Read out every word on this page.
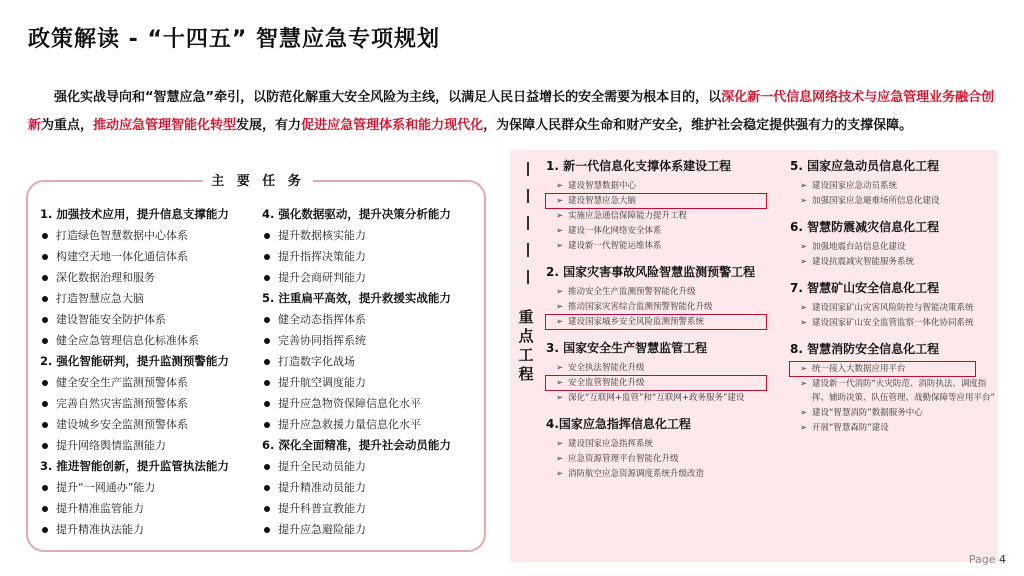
政策解读 - “十四五” 智慧应急专项规划
强化实战导向和“智慧应急”牵引，以防范化解重大安全风险为主线，以满足人民日益增长的安全需要为根本目的，以深化新一代信息网络技术与应急管理业务融合创新为重点，推动应急管理智能化转型发展，有力促进应急管理体系和能力现代化，为保障人民群众生命和财产安全，维护社会稳定提供强有力的支撑保障。
主 要 任 务
1. 加强技术应用，提升信息支撑能力
打造绿色智慧数据中心体系
构建空天地一体化通信体系
深化数据治理和服务
打造智慧应急大脑
建设智能安全防护体系
健全应急管理信息化标准体系
2. 强化智能研判，提升监测预警能力
健全安全生产监测预警体系
完善自然灾害监测预警体系
建设城乡安全监测预警体系
提升网络舆情监测能力
3. 推进智能创新，提升监管执法能力
提升“一网通办”能力
提升精准监管能力
提升精准执法能力
4. 强化数据驱动，提升决策分析能力
提升数据核实能力
提升指挥决策能力
提升会商研判能力
5. 注重扁平高效，提升救援实战能力
健全动态指挥体系
完善协同指挥系统
打造数字化战场
提升航空调度能力
提升应急物资保障信息化水平
提升应急救援力量信息化水平
6. 深化全面精准，提升社会动员能力
提升全民动员能力
提升精准动员能力
提升科普宣教能力
提升应急避险能力
重点工程
1. 新一代信息化支撑体系建设工程
➢ 建设智慧数据中心
➢ 建设智慧应急大脑
➢ 实施应急通信保障能力提升工程
➢ 建设一体化网络安全体系
➢ 建设新一代智能运维体系
2. 国家灾害事故风险智慧监测预警工程
➢ 推动安全生产监测预警智能化升级
➢ 推动国家灾害综合监测预警智能化升级
➢ 建设国家城乡安全风险监测预警系统
3. 国家安全生产智慧监管工程
➢ 安全执法智能化升级
➢ 安全监管智能化升级
➢ 深化“互联网+监管”和“互联网+政务服务”建设
4.国家应急指挥信息化工程
➢ 建设国家应急指挥系统
➢ 应急资源管理平台智能化升级
➢ 消防航空应急资源调度系统升级改造
5. 国家应急动员信息化工程
➢ 建设国家应急动员系统
➢ 加强国家应急避难场所信息化建设
6. 智慧防震减灾信息化工程
➢ 加强地震台站信息化建设
➢ 建设抗震减灾智能服务系统
7. 智慧矿山安全信息化工程
➢ 建设国家矿山灾害风险防控与智能决策系统
➢ 建设国家矿山安全监管监察一体化协同系统
8. 智慧消防安全信息化工程
➢ 统一接入大数据应用平台
➢ 建设新一代消防“火灾防范、消防执法、调度指挥、辅助决策、队伍管理、战勤保障等应用平台”
➢ 建设“智慧消防”数据服务中心
➢ 开展“智慧森防”建设
Page 4
